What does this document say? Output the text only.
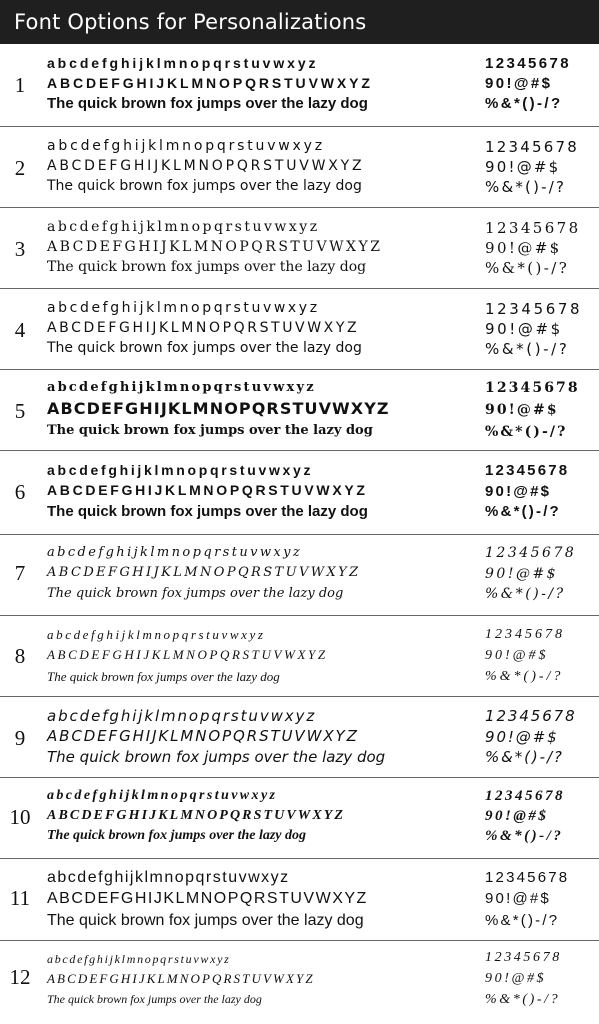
Font Options for Personalizations
1
abcdefghijklmnopqrstuvwxyz
ABCDEFGHIJKLMNOPQRSTUVWXYZ
The quick brown fox jumps over the lazy dog
12345678
90!@#$
%&*()-/?
2
abcdefghijklmnopqrstuvwxyz
ABCDEFGHIJKLMNOPQRSTUVWXYZ
The quick brown fox jumps over the lazy dog
12345678
90!@#$
%&*()-/?
3
abcdefghijklmnopqrstuvwxyz
ABCDEFGHIJKLMNOPQRSTUVWXYZ
The quick brown fox jumps over the lazy dog
12345678
90!@#$
%&*()-/?
4
abcdefghijklmnopqrstuvwxyz
ABCDEFGHIJKLMNOPQRSTUVWXYZ
The quick brown fox jumps over the lazy dog
12345678
90!@#$
%&*()-/?
5
abcdefghijklmnopqrstuvwxyz
ABCDEFGHIJKLMNOPQRSTUVWXYZ
The quick brown fox jumps over the lazy dog
12345678
90!@#$
%&*()-/?
6
abcdefghijklmnopqrstuvwxyz
ABCDEFGHIJKLMNOPQRSTUVWXYZ
The quick brown fox jumps over the lazy dog
12345678
90!@#$
%&*()-/?
7
abcdefghijklmnopqrstuvwxyz
ABCDEFGHIJKLMNOPQRSTUVWXYZ
The quick brown fox jumps over the lazy dog
12345678
90!@#$
%&*()-/?
8
abcdefghijklmnopqrstuvwxyz
ABCDEFGHIJKLMNOPQRSTUVWXYZ
The quick brown fox jumps over the lazy dog
12345678
90!@#$
%&*()-/?
9
abcdefghijklmnopqrstuvwxyz
ABCDEFGHIJKLMNOPQRSTUVWXYZ
The quick brown fox jumps over the lazy dog
12345678
90!@#$
%&*()-/?
10
abcdefghijklmnopqrstuvwxyz
ABCDEFGHIJKLMNOPQRSTUVWXYZ
The quick brown fox jumps over the lazy dog
12345678
90!@#$
%&*()-/?
11
abcdefghijklmnopqrstuvwxyz
ABCDEFGHIJKLMNOPQRSTUVWXYZ
The quick brown fox jumps over the lazy dog
12345678
90!@#$
%&*()-/?
12
abcdefghijklmnopqrstuvwxyz
ABCDEFGHIJKLMNOPQRSTUVWXYZ
The quick brown fox jumps over the lazy dog
12345678
90!@#$
%&*()-/?
